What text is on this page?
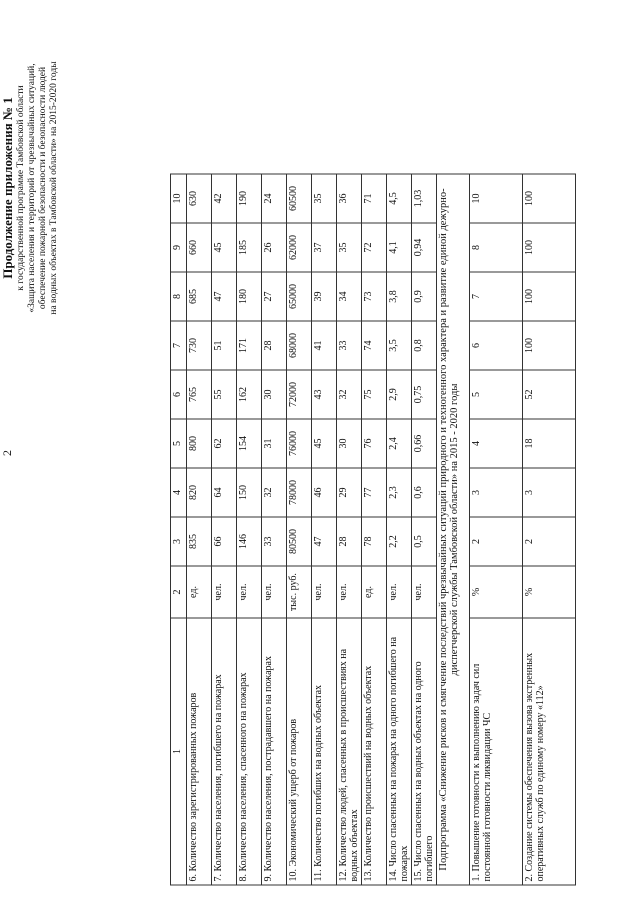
2
Продолжение приложения № 1 к государственной программе Тамбовской области «Защита населения и территорий от чрезвычайных ситуаций, обеспечение пожарной безопасности и безопасности людей на водных объектах в Тамбовской области» на 2015-2020 годы
1	2	3	4	5	6	7	8	9	10
6. Количество зарегистрированных пожаров	ед.	835	820	800	765	730	685	660	630
7. Количество населения, погибшего на пожарах	чел.	66	64	62	55	51	47	45	42
8. Количество населения, спасенного на пожарах	чел.	146	150	154	162	171	180	185	190
9. Количество населения, пострадавшего на пожарах	чел.	33	32	31	30	28	27	26	24
10. Экономический ущерб от пожаров	тыс. руб.	80500	78000	76000	72000	68000	65000	62000	60500
11. Количество погибших на водных объектах	чел.	47	46	45	43	41	39	37	35
12. Количество людей, спасенных в происшествиях на водных объектах	чел.	28	29	30	32	33	34	35	36
13. Количество происшествий на водных объектах	ед.	78	77	76	75	74	73	72	71
14. Число спасенных на пожарах на одного погибшего на пожарах	чел.	2,2	2,3	2,4	2,9	3,5	3,8	4,1	4,5
15. Число спасенных на водных объектах на одного погибшего	чел.	0,5	0,6	0,66	0,75	0,8	0,9	0,94	1,03
Подпрограмма «Снижение рисков и смягчение последствий чрезвычайных ситуаций природного и техногенного характера и развитие единой дежурно-диспетчерской службы Тамбовской области» на 2015 - 2020 годы									
1. Повышение готовности к выполнению задач сил постоянной готовности ликвидации ЧС	%	2	3	4	5	6	7	8	10
2. Создание системы обеспечения вызова экстренных оперативных служб по единому номеру «112»	%	2	3	18	52	100	100	100	100
